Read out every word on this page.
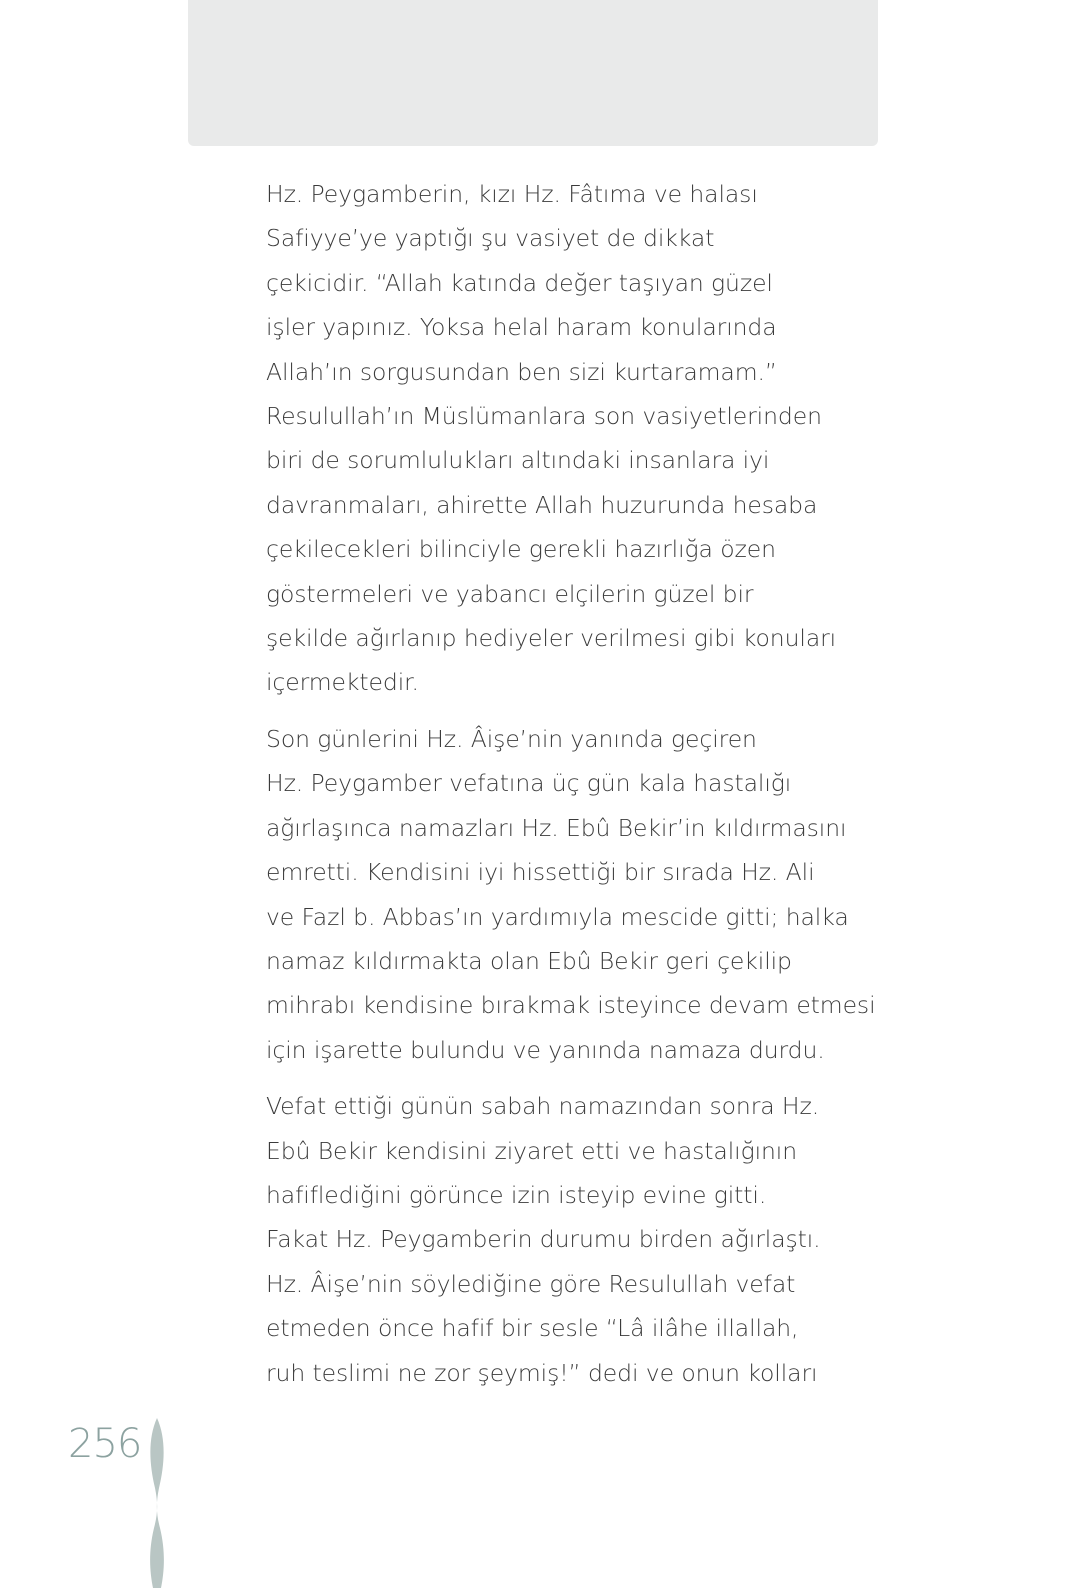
Hz. Peygamberin, kızı Hz. Fâtıma ve halası
Safiyye’ye yaptığı şu vasiyet de dikkat
çekicidir. “Allah katında değer taşıyan güzel
işler yapınız. Yoksa helal haram konularında
Allah’ın sorgusundan ben sizi kurtaramam.”
Resulullah’ın Müslümanlara son vasiyetlerinden
biri de sorumlulukları altındaki insanlara iyi
davranmaları, ahirette Allah huzurunda hesaba
çekilecekleri bilinciyle gerekli hazırlığa özen
göstermeleri ve yabancı elçilerin güzel bir
şekilde ağırlanıp hediyeler verilmesi gibi konuları
içermektedir.

Son günlerini Hz. Âişe’nin yanında geçiren
Hz. Peygamber vefatına üç gün kala hastalığı
ağırlaşınca namazları Hz. Ebû Bekir’in kıldırmasını
emretti. Kendisini iyi hissettiği bir sırada Hz. Ali
ve Fazl b. Abbas’ın yardımıyla mescide gitti; halka
namaz kıldırmakta olan Ebû Bekir geri çekilip
mihrabı kendisine bırakmak isteyince devam etmesi
için işarette bulundu ve yanında namaza durdu.

Vefat ettiği günün sabah namazından sonra Hz.
Ebû Bekir kendisini ziyaret etti ve hastalığının
hafiflediğini görünce izin isteyip evine gitti.
Fakat Hz. Peygamberin durumu birden ağırlaştı.
Hz. Âişe’nin söylediğine göre Resulullah vefat
etmeden önce hafif bir sesle “Lâ ilâhe illallah,
ruh teslimi ne zor şeymiş!” dedi ve onun kolları

256
